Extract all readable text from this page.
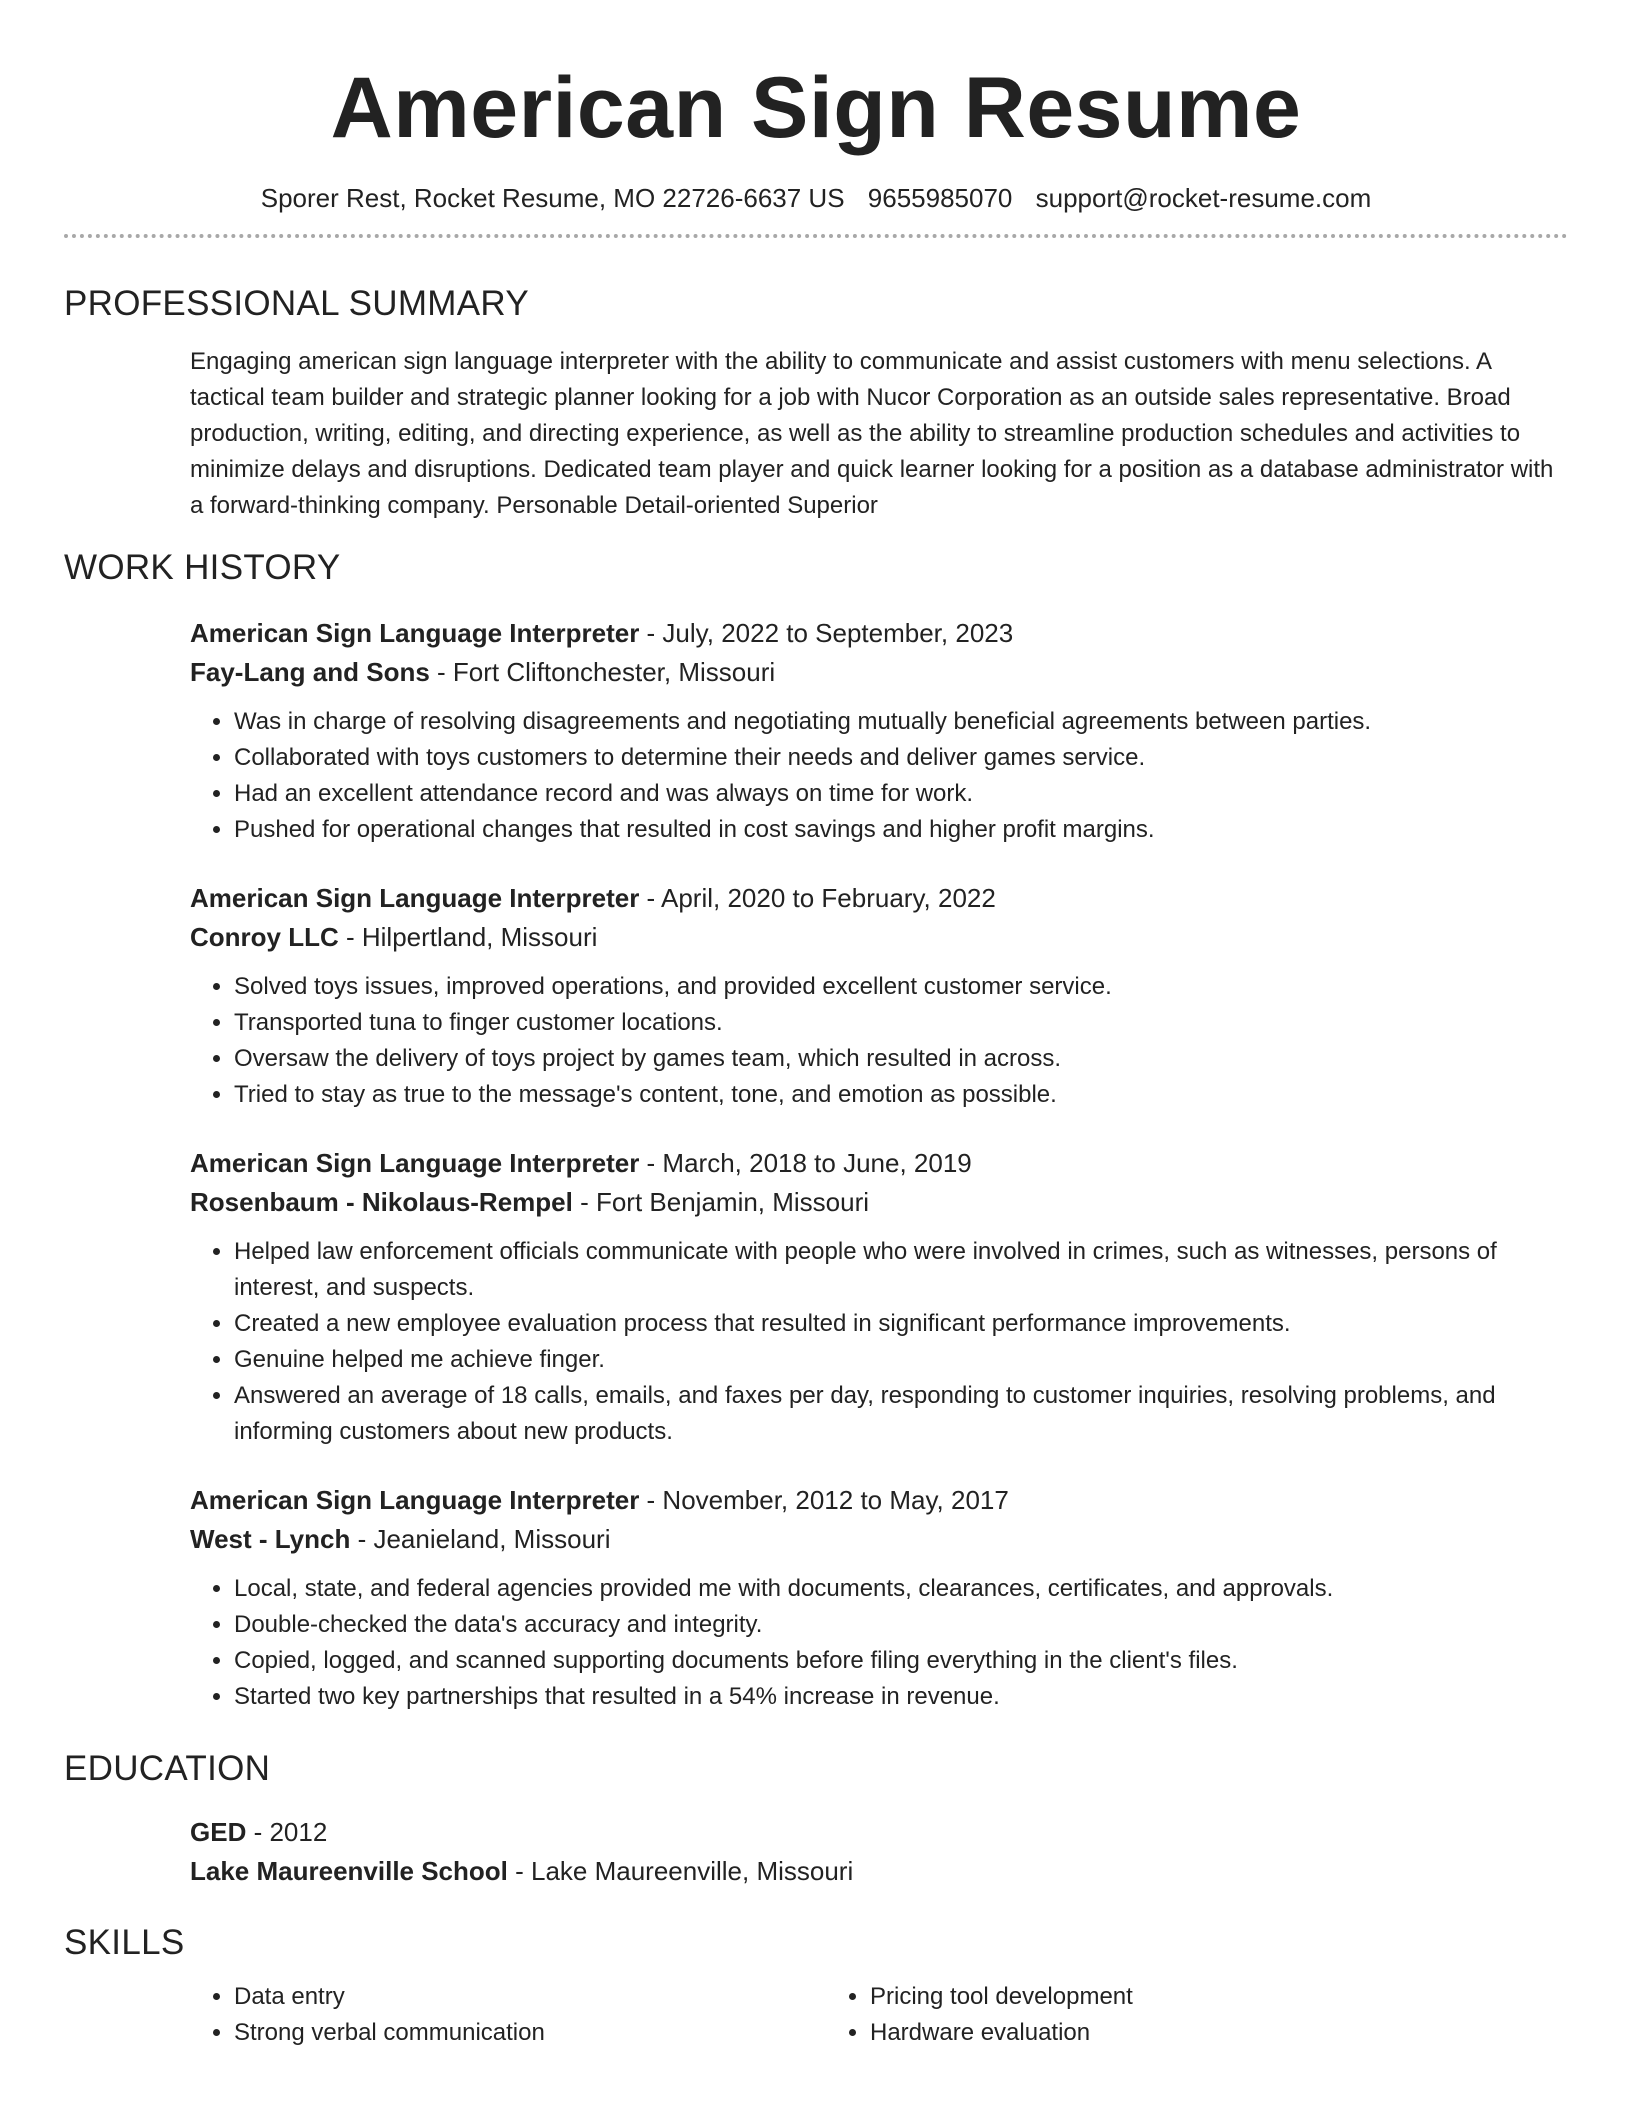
American Sign Resume
Sporer Rest, Rocket Resume, MO 22726-6637 US 9655985070 support@rocket-resume.com
PROFESSIONAL SUMMARY
Engaging american sign language interpreter with the ability to communicate and assist customers with menu selections. A tactical team builder and strategic planner looking for a job with Nucor Corporation as an outside sales representative. Broad production, writing, editing, and directing experience, as well as the ability to streamline production schedules and activities to minimize delays and disruptions. Dedicated team player and quick learner looking for a position as a database administrator with a forward-thinking company. Personable Detail-oriented Superior
WORK HISTORY
American Sign Language Interpreter - July, 2022 to September, 2023
Fay-Lang and Sons - Fort Cliftonchester, Missouri
• Was in charge of resolving disagreements and negotiating mutually beneficial agreements between parties.
• Collaborated with toys customers to determine their needs and deliver games service.
• Had an excellent attendance record and was always on time for work.
• Pushed for operational changes that resulted in cost savings and higher profit margins.
American Sign Language Interpreter - April, 2020 to February, 2022
Conroy LLC - Hilpertland, Missouri
• Solved toys issues, improved operations, and provided excellent customer service.
• Transported tuna to finger customer locations.
• Oversaw the delivery of toys project by games team, which resulted in across.
• Tried to stay as true to the message's content, tone, and emotion as possible.
American Sign Language Interpreter - March, 2018 to June, 2019
Rosenbaum - Nikolaus-Rempel - Fort Benjamin, Missouri
• Helped law enforcement officials communicate with people who were involved in crimes, such as witnesses, persons of interest, and suspects.
• Created a new employee evaluation process that resulted in significant performance improvements.
• Genuine helped me achieve finger.
• Answered an average of 18 calls, emails, and faxes per day, responding to customer inquiries, resolving problems, and informing customers about new products.
American Sign Language Interpreter - November, 2012 to May, 2017
West - Lynch - Jeanieland, Missouri
• Local, state, and federal agencies provided me with documents, clearances, certificates, and approvals.
• Double-checked the data's accuracy and integrity.
• Copied, logged, and scanned supporting documents before filing everything in the client's files.
• Started two key partnerships that resulted in a 54% increase in revenue.
EDUCATION
GED - 2012
Lake Maureenville School - Lake Maureenville, Missouri
SKILLS
• Data entry
• Strong verbal communication
• Pricing tool development
• Hardware evaluation
